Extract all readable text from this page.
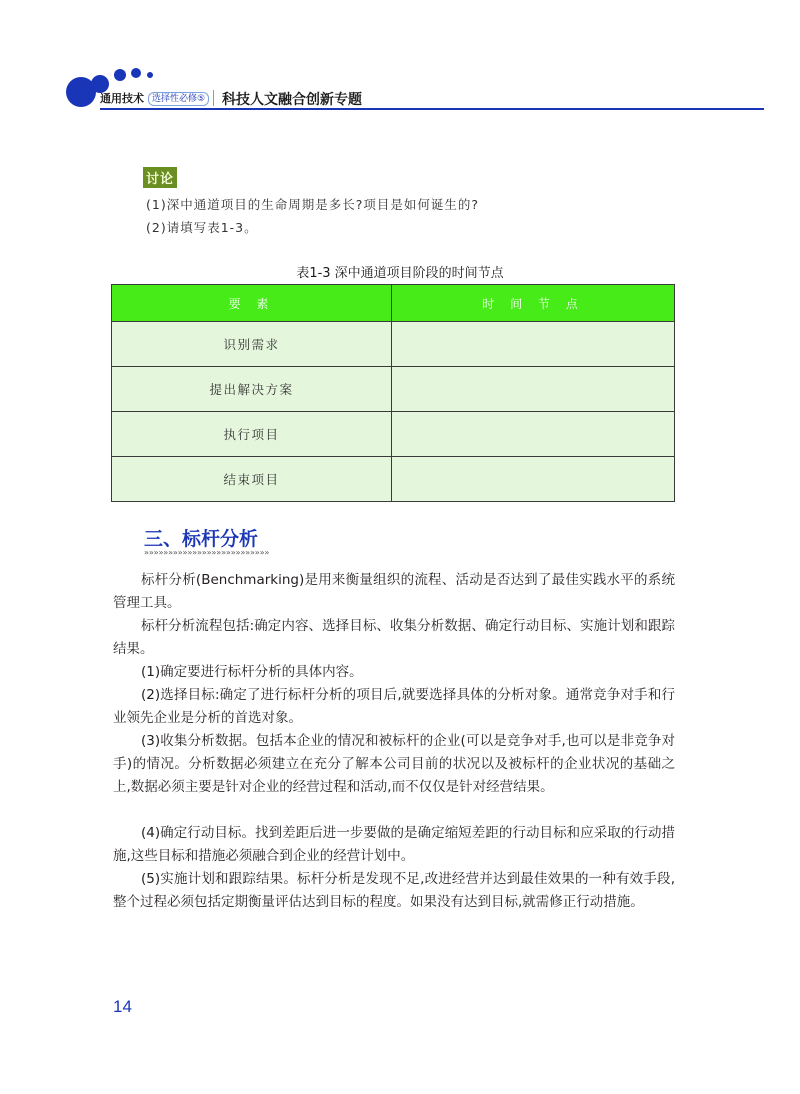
通用技术 选择性必修⑤ 科技人文融合创新专题
讨论
(1)深中通道项目的生命周期是多长?项目是如何诞生的?
(2)请填写表1-3。
表1-3 深中通道项目阶段的时间节点
要 素	时 间 节 点
识别需求	
提出解决方案	
执行项目	
结束项目	
三、标杆分析
»»»»»»»»»»»»»»»»»»»»»»»»»»
标杆分析(Benchmarking)是用来衡量组织的流程、活动是否达到了最佳实践水平的系统管理工具。
标杆分析流程包括:确定内容、选择目标、收集分析数据、确定行动目标、实施计划和跟踪结果。
(1)确定要进行标杆分析的具体内容。
(2)选择目标:确定了进行标杆分析的项目后,就要选择具体的分析对象。通常竞争对手和行业领先企业是分析的首选对象。
(3)收集分析数据。包括本企业的情况和被标杆的企业(可以是竞争对手,也可以是非竞争对手)的情况。分析数据必须建立在充分了解本公司目前的状况以及被标杆的企业状况的基础之上,数据必须主要是针对企业的经营过程和活动,而不仅仅是针对经营结果。
(4)确定行动目标。找到差距后进一步要做的是确定缩短差距的行动目标和应采取的行动措施,这些目标和措施必须融合到企业的经营计划中。
(5)实施计划和跟踪结果。标杆分析是发现不足,改进经营并达到最佳效果的一种有效手段,整个过程必须包括定期衡量评估达到目标的程度。如果没有达到目标,就需修正行动措施。
14
